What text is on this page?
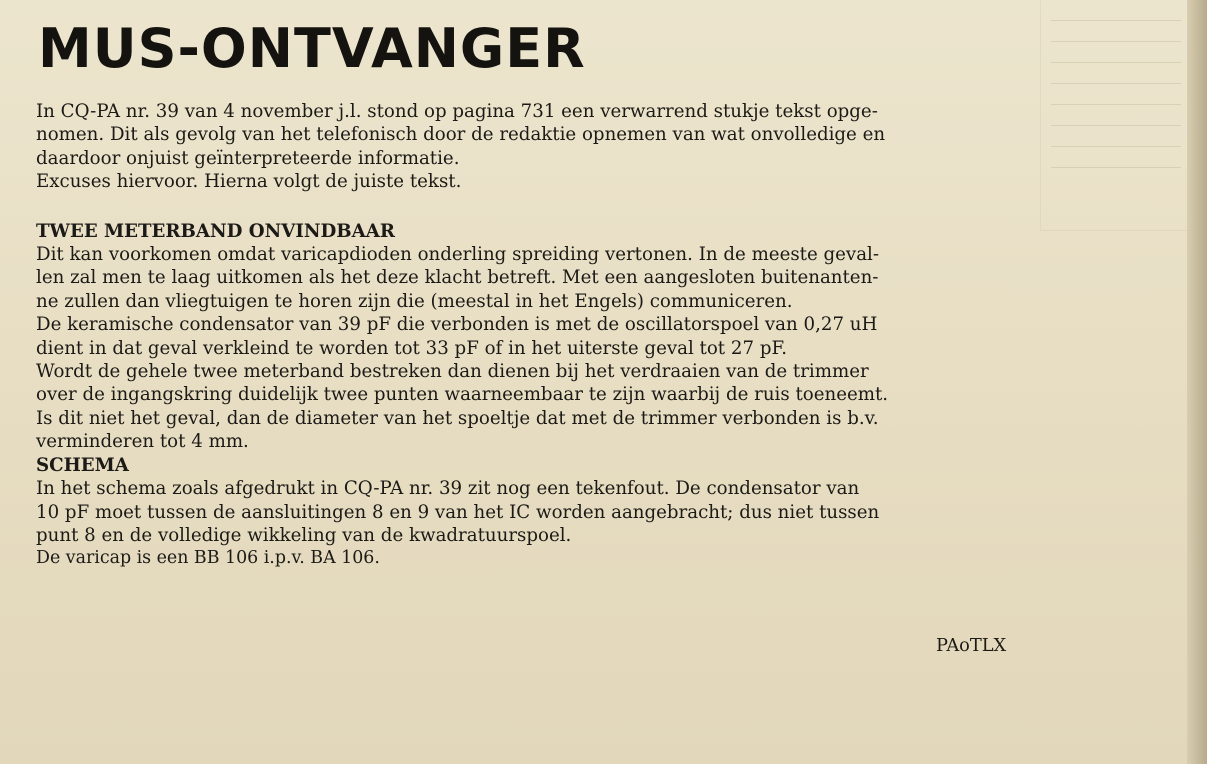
MUS-ONTVANGER

In CQ-PA nr. 39 van 4 november j.l. stond op pagina 731 een verwarrend stukje tekst opge-
nomen. Dit als gevolg van het telefonisch door de redaktie opnemen van wat onvolledige en
daardoor onjuist geïnterpreteerde informatie.
Excuses hiervoor. Hierna volgt de juiste tekst.

TWEE METERBAND ONVINDBAAR

Dit kan voorkomen omdat varicapdioden onderling spreiding vertonen. In de meeste geval-
len zal men te laag uitkomen als het deze klacht betreft. Met een aangesloten buitenanten-
ne zullen dan vliegtuigen te horen zijn die (meestal in het Engels) communiceren.
De keramische condensator van 39 pF die verbonden is met de oscillatorspoel van 0,27 uH
dient in dat geval verkleind te worden tot 33 pF of in het uiterste geval tot 27 pF.
Wordt de gehele twee meterband bestreken dan dienen bij het verdraaien van de trimmer
over de ingangskring duidelijk twee punten waarneembaar te zijn waarbij de ruis toeneemt.
Is dit niet het geval, dan de diameter van het spoeltje dat met de trimmer verbonden is b.v.
verminderen tot 4 mm.

SCHEMA

In het schema zoals afgedrukt in CQ-PA nr. 39 zit nog een tekenfout. De condensator van
10 pF moet tussen de aansluitingen 8 en 9 van het IC worden aangebracht; dus niet tussen
punt 8 en de volledige wikkeling van de kwadratuurspoel.
De varicap is een BB 106 i.p.v. BA 106.

PAoTLX
